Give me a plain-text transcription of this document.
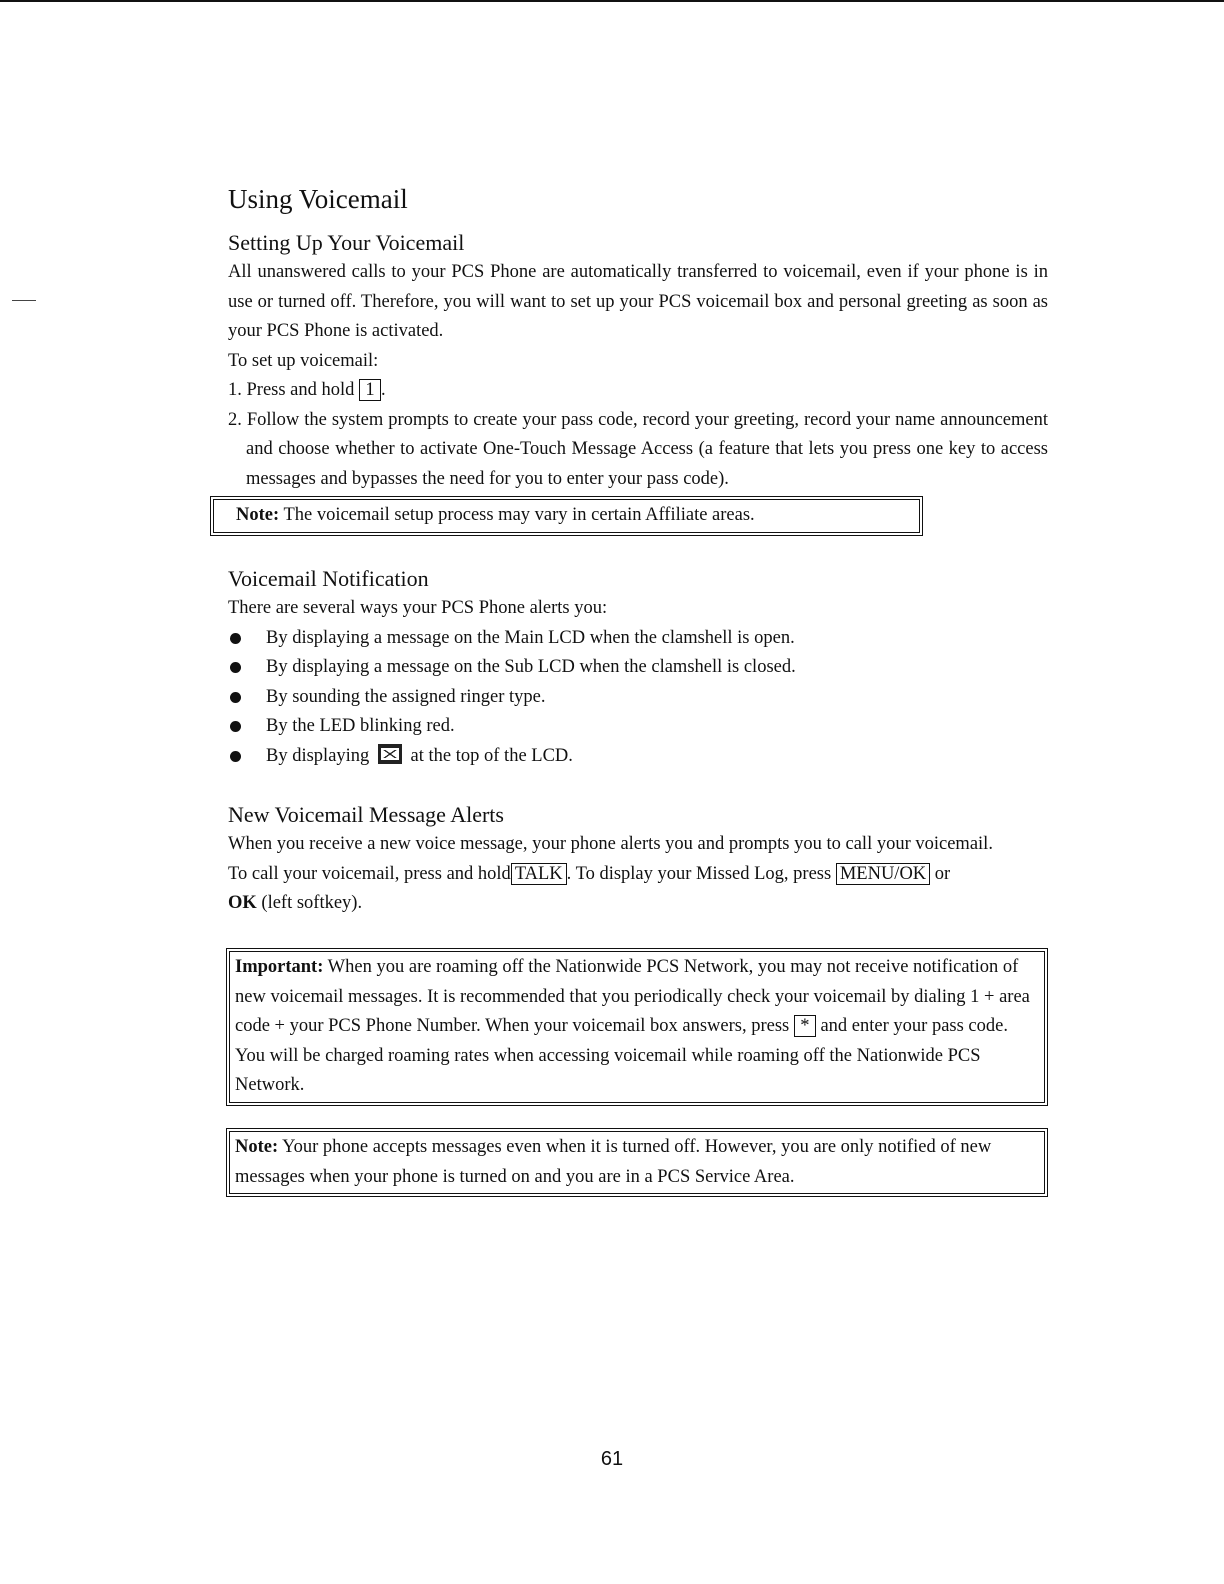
Using Voicemail
Setting Up Your Voicemail

All unanswered calls to your PCS Phone are automatically transferred to voicemail, even if your phone is in use or turned off. Therefore, you will want to set up your PCS voicemail box and personal greeting as soon as your PCS Phone is activated.

To set up voicemail:

1. Press and hold 1 .
2. Follow the system prompts to create your pass code, record your greeting, record your name announcement and choose whether to activate One-Touch Message Access (a feature that lets you press one key to access messages and bypasses the need for you to enter your pass code).
Note: The voicemail setup process may vary in certain Affiliate areas.
Voicemail Notification

There are several ways your PCS Phone alerts you:

By displaying a message on the Main LCD when the clamshell is open.
By displaying a message on the Sub LCD when the clamshell is closed.
By sounding the assigned ringer type.
By the LED blinking red.
By displaying at the top of the LCD.
New Voicemail Message Alerts

When you receive a new voice message, your phone alerts you and prompts you to call your voicemail.

To call your voicemail, press and hold TALK . To display your Missed Log, press MENU/OK or
OK (left softkey).

Important: When you are roaming off the Nationwide PCS Network, you may not receive notification of new voicemail messages. It is recommended that you periodically check your voicemail by dialing 1 + area code + your PCS Phone Number. When your voicemail box answers, press * and enter your pass code. You will be charged roaming rates when accessing voicemail while roaming off the Nationwide PCS Network.
Note: Your phone accepts messages even when it is turned off. However, you are only notified of new messages when your phone is turned on and you are in a PCS Service Area.
61
